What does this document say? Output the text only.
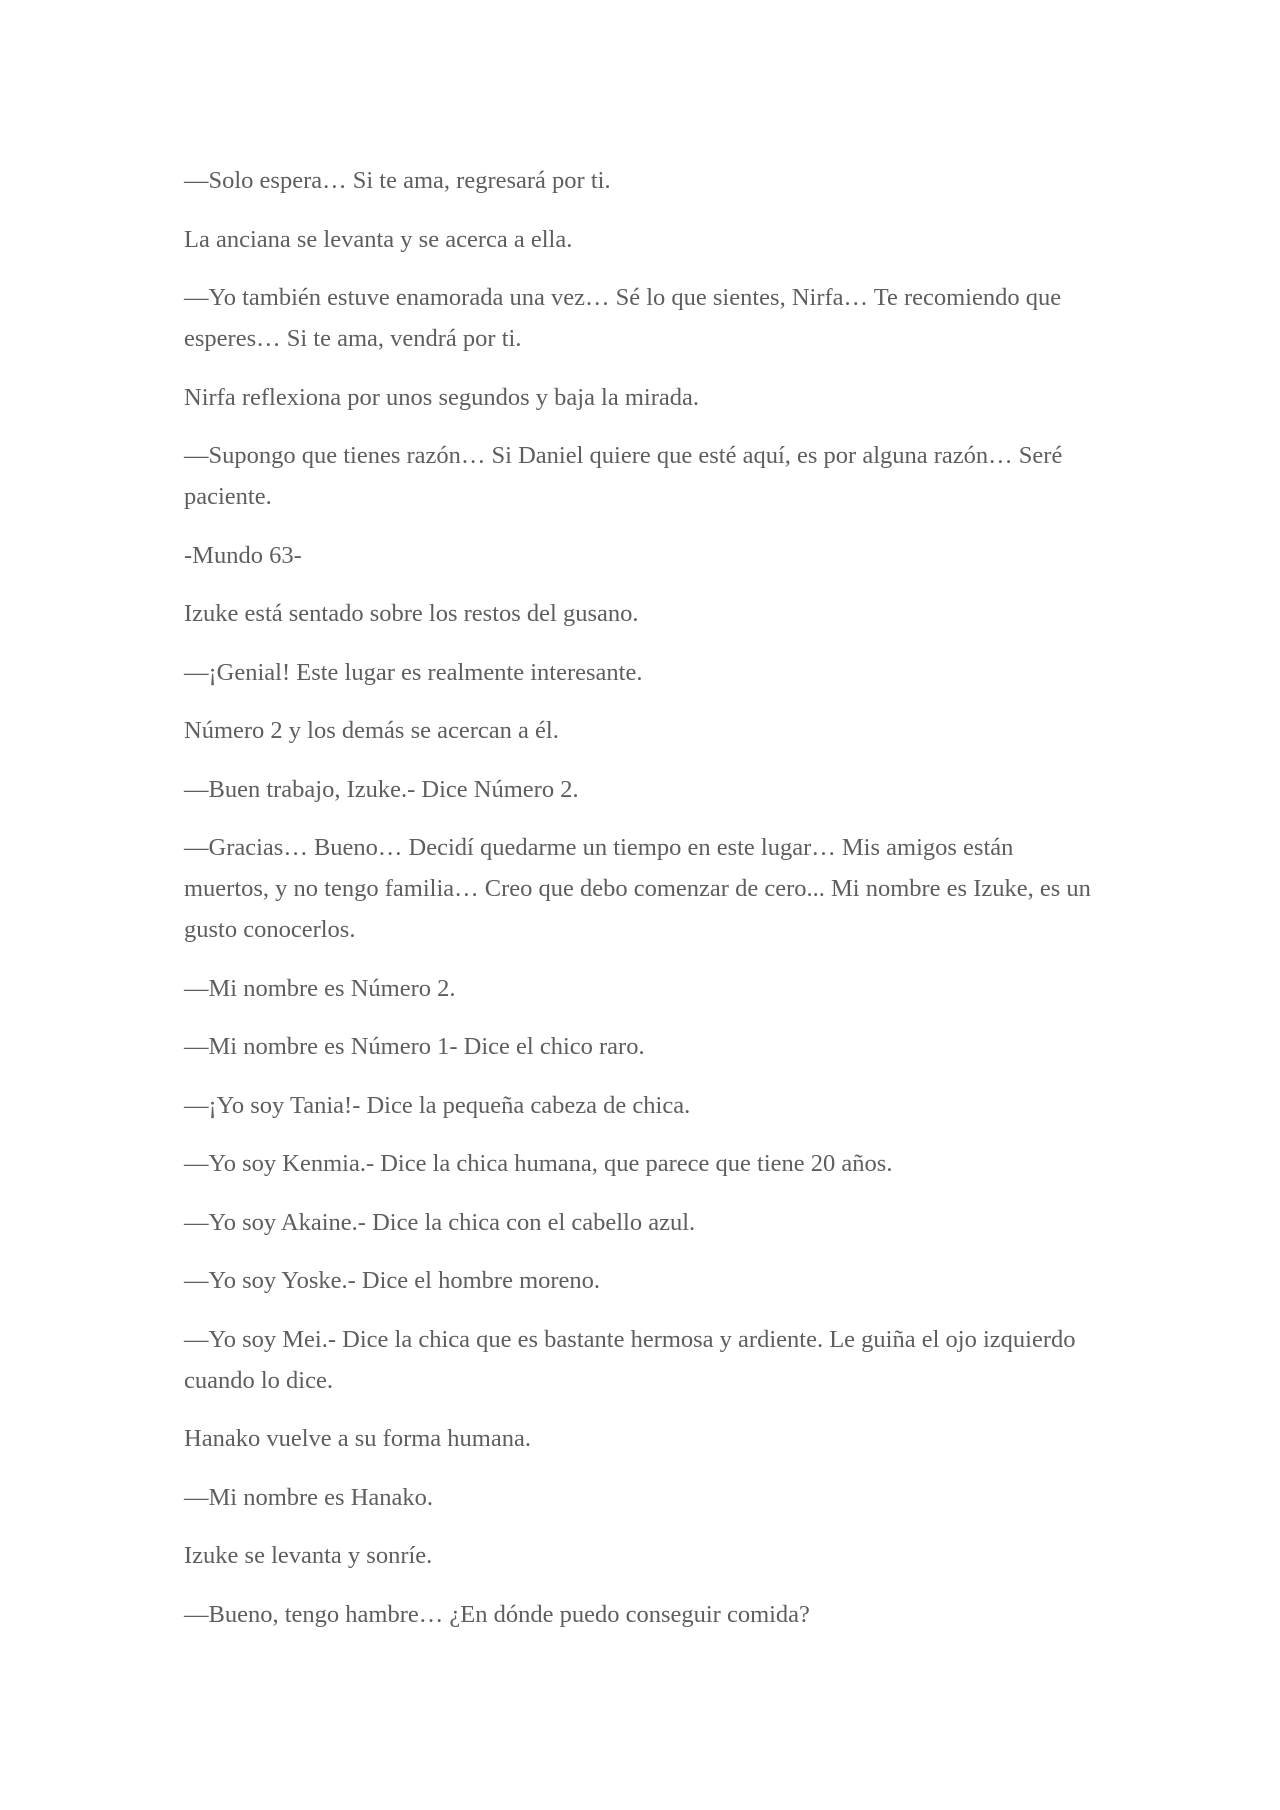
—Solo espera… Si te ama, regresará por ti.

La anciana se levanta y se acerca a ella.

—Yo también estuve enamorada una vez… Sé lo que sientes, Nirfa… Te recomiendo que esperes… Si te ama, vendrá por ti.

Nirfa reflexiona por unos segundos y baja la mirada.

—Supongo que tienes razón… Si Daniel quiere que esté aquí, es por alguna razón… Seré paciente.

-Mundo 63-

Izuke está sentado sobre los restos del gusano.

—¡Genial! Este lugar es realmente interesante.

Número 2 y los demás se acercan a él.

—Buen trabajo, Izuke.- Dice Número 2.

—Gracias… Bueno… Decidí quedarme un tiempo en este lugar… Mis amigos están muertos, y no tengo familia… Creo que debo comenzar de cero... Mi nombre es Izuke, es un gusto conocerlos.

—Mi nombre es Número 2.

—Mi nombre es Número 1- Dice el chico raro.

—¡Yo soy Tania!- Dice la pequeña cabeza de chica.

—Yo soy Kenmia.- Dice la chica humana, que parece que tiene 20 años.

—Yo soy Akaine.- Dice la chica con el cabello azul.

—Yo soy Yoske.- Dice el hombre moreno.

—Yo soy Mei.- Dice la chica que es bastante hermosa y ardiente. Le guiña el ojo izquierdo cuando lo dice.

Hanako vuelve a su forma humana.

—Mi nombre es Hanako.

Izuke se levanta y sonríe.

—Bueno, tengo hambre… ¿En dónde puedo conseguir comida?
